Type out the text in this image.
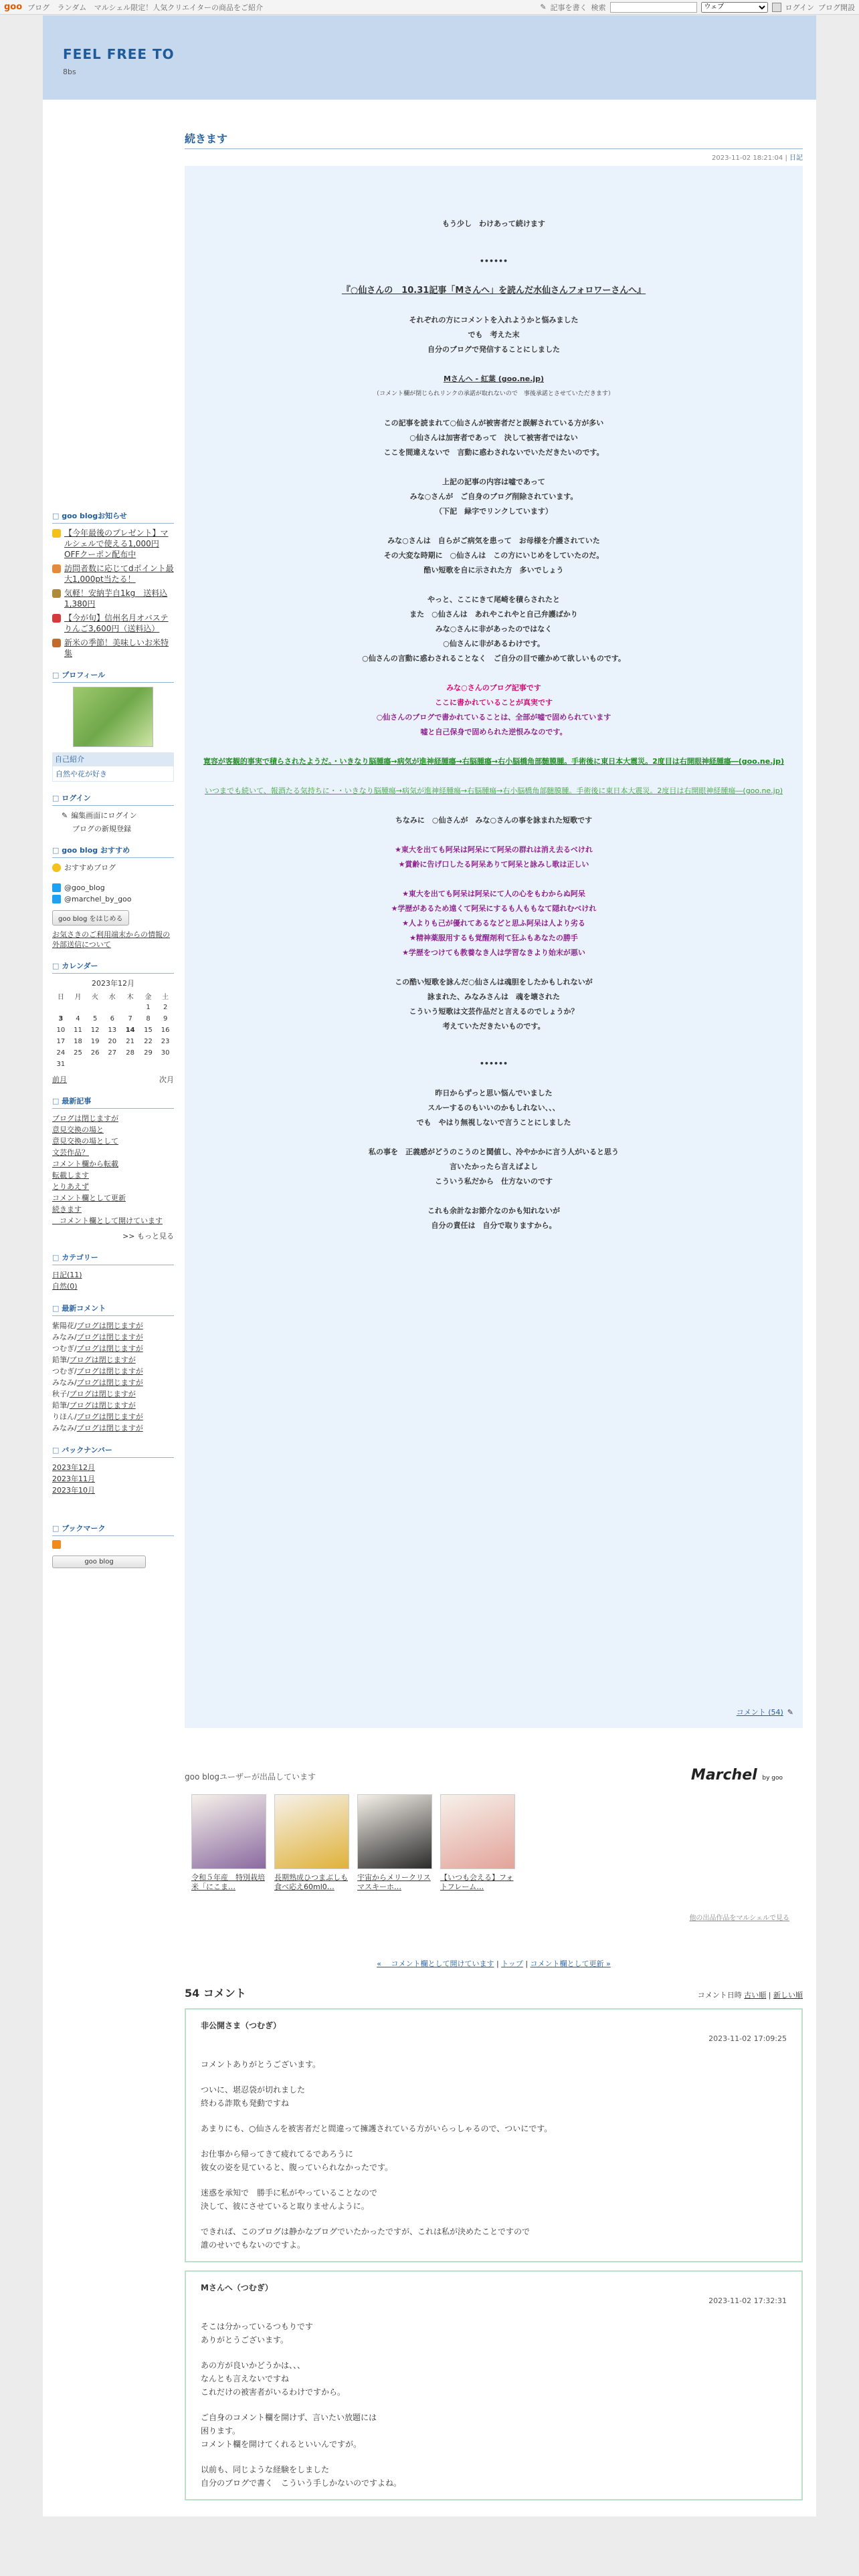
goo ブログ ランダム マルシェル限定！人気クリエイターの商品をご紹介	✎ 記事を書く 検索
ウェブ	ログイン ブログ開設
FEEL FREE TO
8bs
□ goo blogお知らせ
【今年最後のプレゼント】マルシェルで使える1,000円OFFクーポン配布中
訪問者数に応じてdポイント最大1,000pt当たる！
気軽！安納芋自1kg　送料込1,380円
【今が旬】信州名月オバステりんご3,600円（送料込）
新米の季節！美味しいお米特集
□ プロフィール
自己紹介
自然や花が好き
□ ログイン
✎ 編集画面にログイン
ブログの新規登録
□ goo blog おすすめ
おすすめブログ
@goo_blog
@marchel_by_goo
goo blog をはじめる
お気さきのご利用端末からの情報の外部送信について
□ カレンダー
2023年12月
日	月	火	水	木	金	土
					1	2
3	4	5	6	7	8	9
10	11	12	13	14	15	16
17	18	19	20	21	22	23
24	25	26	27	28	29	30
31						
前月	次月
□ 最新記事
ブログは閉じますが
意見交換の場と
意見交換の場として
文芸作品？
コメント欄から転載
転載します
とりあえず
コメント欄として更新
続きます
　コメント欄として開けています
>> もっと見る
□ カテゴリー
日記(11)
自然(0)
□ 最新コメント
紫陽花/ブログは閉じますが
みなみ/ブログは閉じますが
つむぎ/ブログは閉じますが
鉛筆/ブログは閉じますが
つむぎ/ブログは閉じますが
みなみ/ブログは閉じますが
秋子/ブログは閉じますが
鉛筆/ブログは閉じますが
りほん/ブログは閉じますが
みなみ/ブログは閉じますが
□ バックナンバー
2023年12月
2023年11月
2023年10月
□ ブックマーク
goo blog
続きます
2023-11-02 18:21:04 | 日記
もう少し　わけあって続けます
••••••
『○仙さんの　10.31記事「Mさんへ」を読んだ水仙さんフォロワーさんへ』
それぞれの方にコメントを入れようかと悩みました
でも　考えた末
自分のブログで発信することにしました
Mさんへ - 紅葉 (goo.ne.jp)
（コメント欄が閉じられリンクの承諾が取れないので　事後承諾とさせていただきます）
この記事を読まれて○仙さんが被害者だと誤解されている方が多い
○仙さんは加害者であって　決して被害者ではない
ここを間違えないで　言動に惑わされないでいただきたいのです。
上記の記事の内容は嘘であって
みな○さんが　ご自身のブログ削除されています。
（下記　緑字でリンクしています）
みな○さんは　自らがご病気を患って　お母様を介護されていた
その大変な時期に　○仙さんは　この方にいじめをしていたのだ。
酷い短歌を自に示された方　多いでしょう
やっと、ここにきて尾崎を積らされたと
また　○仙さんは　あれやこれやと自己弁護ばかり
みな○さんに非があったのではなく
○仙さんに非があるわけです。
○仙さんの言動に惑わされることなく　ご自分の目で確かめて欲しいものです。
みな○さんのブログ記事です
ここに書かれていることが真実です
○仙さんのブログで書かれていることは、全部が嘘で固められています
嘘と自己保身で固められた逆恨みなのです。
寛容が客観的事実で積らされたようだ。・いきなり脳腫瘍→病気が進神経腫瘍→右脳腫瘍→右小脳橋角部髄膜腫。手術後に東日本大震災。2度目は右開眼神経腫瘍―(goo.ne.jp)
いつまでも続いて、報酒たる気持ちに・・いきなり脳腫瘍→病気が進神経腫瘍→右脳腫瘍→右小脳橋角部髄膜腫。手術後に東日本大震災。2度目は右開眼神経腫瘍―(goo.ne.jp)
ちなみに　○仙さんが　みな○さんの事を詠まれた短歌です
★東大を出ても阿呆は阿呆にて阿呆の群れは消え去るべけれ
★賞齢に告げ口したる阿呆ありて阿呆と詠みし歌は正しい
★東大を出ても阿呆は阿呆にて人の心をもわからぬ阿呆
★学歴があるため遠くて阿呆にするも人ももなて隠れむべけれ
★人よりも己が優れてあるなどと思ふ阿呆は人より劣る
★精神薬服用するも覚醒剤利て狂ふもあなたの勝手
★学歴をつけても教養なき人は学習なきより始末が悪い
この酷い短歌を詠んだ○仙さんは魂胆をしたかもしれないが
詠まれた、みなみさんは　魂を壊された
こういう短歌は文芸作品だと言えるのでしょうか？
考えていただきたいものです。
••••••
昨日からずっと思い悩んでいました
スルーするのもいいのかもしれない、、、
でも　やはり無視しないで言うことにしました
私の事を　正義感がどうのこうのと鬨値し、冷やかかに言う人がいると思う
言いたかったら言えばよし
こういう私だから　仕方ないのです
これも余計なお節介なのかも知れないが
自分の責任は　自分で取りますから。
コメント (54) ✎
goo blogユーザーが出品しています	Marchel by goo
令和５年産　特別栽培米「にこま…
長期熟成ひつまぶしも食べ応え60ml0…
宇宙からメリークリスマスキーホ…
【いつも会える】フォトフレーム…
他の出品作品をマルシェルで見る
« 　コメント欄として開けています | トップ | コメント欄として更新 »
54 コメント	コメント日時 古い順 | 新しい順
非公開さま（つむぎ）
2023-11-02 17:09:25

コメントありがとうございます。

ついに、堪忍袋が切れました

終わる詐欺も発動ですね

あまりにも、○仙さんを被害者だと間違って擁護されている方がいらっしゃるので、ついにです。

お仕事から帰ってきて疲れてるであろうに

彼女の姿を見ていると、腹っていられなかったです。

迷惑を承知で　勝手に私がやっていることなので

決して、彼にさせていると取りませんように。

できれば、このブログは静かなブログでいたかったですが、これは私が決めたことですので

誰のせいでもないのですよ。

Mさんへ（つむぎ）
2023-11-02 17:32:31

そこは分かっているつもりです

ありがとうございます。

あの方が良いかどうかは、、、

なんとも言えないですね

これだけの被害者がいるわけですから。

ご自身のコメント欄を開けず、言いたい放題には

困ります。

コメント欄を開けてくれるといいんですが。

以前も、同じような経験をしました

自分のブログで書く　こういう手しかないのですよね。
